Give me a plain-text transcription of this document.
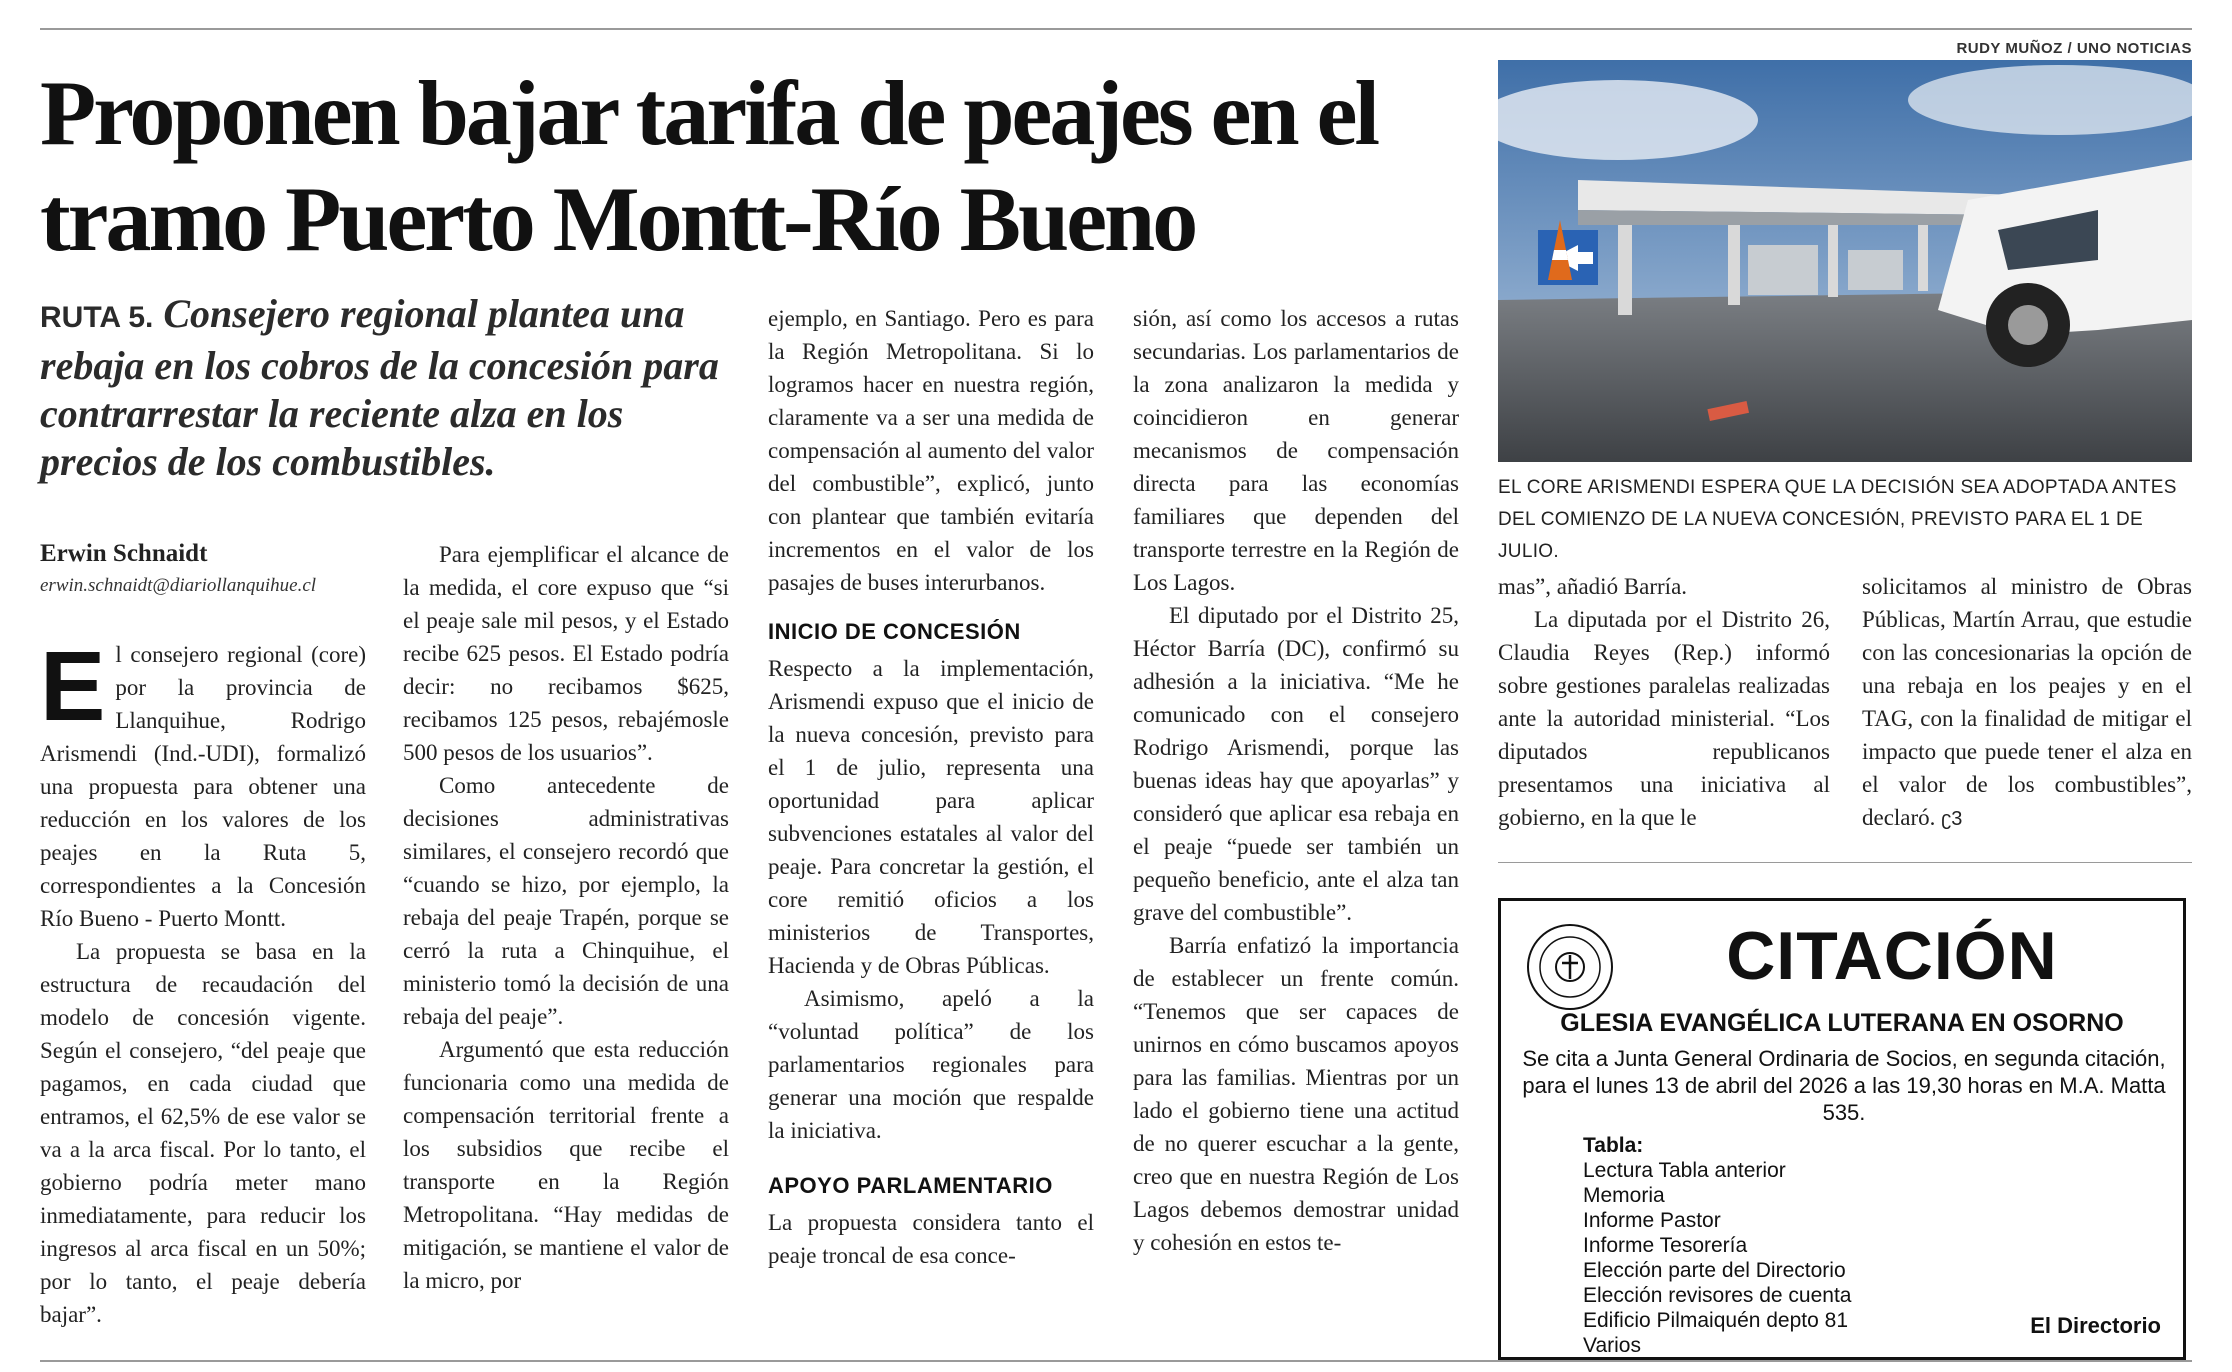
RUDY MUÑOZ / UNO NOTICIAS
Proponen bajar tarifa de peajes en el tramo Puerto Montt-Río Bueno
RUTA 5. Consejero regional plantea una rebaja en los cobros de la concesión para contrarrestar la reciente alza en los precios de los combustibles.
Erwin Schnaidt
erwin.schnaidt@diariollanquihue.cl

El consejero regional (core) por la provincia de Llanquihue, Rodrigo Arismendi (Ind.-UDI), formalizó una propuesta para obtener una reducción en los valores de los peajes en la Ruta 5, correspondientes a la Concesión Río Bueno - Puerto Montt.

La propuesta se basa en la estructura de recaudación del modelo de concesión vigente. Según el consejero, “del peaje que pagamos, en cada ciudad que entramos, el 62,5% de ese valor se va a la arca fiscal. Por lo tanto, el gobierno podría meter mano inmediatamente, para reducir los ingresos al arca fiscal en un 50%; por lo tanto, el peaje debería bajar”.

Para ejemplificar el alcance de la medida, el core expuso que “si el peaje sale mil pesos, y el Estado recibe 625 pesos. El Estado podría decir: no recibamos $625, recibamos 125 pesos, rebajémosle 500 pesos de los usuarios”.

Como antecedente de decisiones administrativas similares, el consejero recordó que “cuando se hizo, por ejemplo, la rebaja del peaje Trapén, porque se cerró la ruta a Chinquihue, el ministerio tomó la decisión de una rebaja del peaje”.

Argumentó que esta reducción funcionaria como una medida de compensación territorial frente a los subsidios que recibe el transporte en la Región Metropolitana. “Hay medidas de mitigación, se mantiene el valor de la micro, por

ejemplo, en Santiago. Pero es para la Región Metropolitana. Si lo logramos hacer en nuestra región, claramente va a ser una medida de compensación al aumento del valor del combustible”, explicó, junto con plantear que también evitaría incrementos en el valor de los pasajes de buses interurbanos.

INICIO DE CONCESIÓN

Respecto a la implementación, Arismendi expuso que el inicio de la nueva concesión, previsto para el 1 de julio, representa una oportunidad para aplicar subvenciones estatales al valor del peaje. Para concretar la gestión, el core remitió oficios a los ministerios de Transportes, Hacienda y de Obras Públicas.

Asimismo, apeló a la “voluntad política” de los parlamentarios regionales para generar una moción que respalde la iniciativa.

APOYO PARLAMENTARIO

La propuesta considera tanto el peaje troncal de esa conce-

sión, así como los accesos a rutas secundarias. Los parlamentarios de la zona analizaron la medida y coincidieron en generar mecanismos de compensación directa para las economías familiares que dependen del transporte terrestre en la Región de Los Lagos.

El diputado por el Distrito 25, Héctor Barría (DC), confirmó su adhesión a la iniciativa. “Me he comunicado con el consejero Rodrigo Arismendi, porque las buenas ideas hay que apoyarlas” y consideró que aplicar esa rebaja en el peaje “puede ser también un pequeño beneficio, ante el alza tan grave del combustible”.

Barría enfatizó la importancia de establecer un frente común. “Tenemos que ser capaces de unirnos en cómo buscamos apoyos para las familias. Mientras por un lado el gobierno tiene una actitud de no querer escuchar a la gente, creo que en nuestra Región de Los Lagos debemos demostrar unidad y cohesión en estos te-

EL CORE ARISMENDI ESPERA QUE LA DECISIÓN SEA ADOPTADA ANTES DEL COMIENZO DE LA NUEVA CONCESIÓN, PREVISTO PARA EL 1 DE JULIO.

mas”, añadió Barría.

La diputada por el Distrito 26, Claudia Reyes (Rep.) informó sobre gestiones paralelas realizadas ante la autoridad ministerial. “Los diputados republicanos presentamos una iniciativa al gobierno, en la que le

solicitamos al ministro de Obras Públicas, Martín Arrau, que estudie con las concesionarias la opción de una rebaja en los peajes y en el TAG, con la finalidad de mitigar el impacto que puede tener el alza en el valor de los combustibles”, declaró. ʗ3

CITACIÓN
GLESIA EVANGÉLICA LUTERANA EN OSORNO
Se cita a Junta General Ordinaria de Socios, en segunda citación, para el lunes 13 de abril del 2026 a las 19,30 horas en M.A. Matta 535.
Tabla:
Lectura Tabla anterior
Memoria
Informe Pastor
Informe Tesorería
Elección parte del Directorio
Elección revisores de cuenta
Edificio Pilmaiquén depto 81
Varios
El Directorio
